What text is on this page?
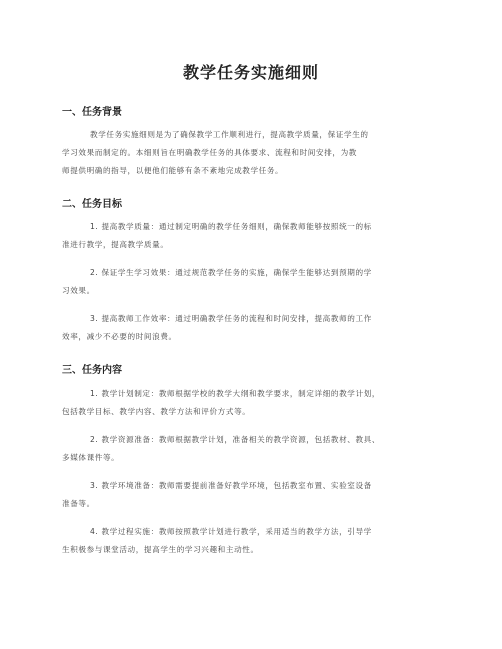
教学任务实施细则
一、任务背景
教学任务实施细则是为了确保教学工作顺利进行，提高教学质量，保证学生的
学习效果而制定的。本细则旨在明确教学任务的具体要求、流程和时间安排，为教
师提供明确的指导，以便他们能够有条不紊地完成教学任务。
二、任务目标
1. 提高教学质量：通过制定明确的教学任务细则，确保教师能够按照统一的标
准进行教学，提高教学质量。
2. 保证学生学习效果：通过规范教学任务的实施，确保学生能够达到预期的学
习效果。
3. 提高教师工作效率：通过明确教学任务的流程和时间安排，提高教师的工作
效率，减少不必要的时间浪费。
三、任务内容
1. 教学计划制定：教师根据学校的教学大纲和教学要求，制定详细的教学计划，
包括教学目标、教学内容、教学方法和评价方式等。
2. 教学资源准备：教师根据教学计划，准备相关的教学资源，包括教材、教具、
多媒体课件等。
3. 教学环境准备：教师需要提前准备好教学环境，包括教室布置、实验室设备
准备等。
4. 教学过程实施：教师按照教学计划进行教学，采用适当的教学方法，引导学
生积极参与课堂活动，提高学生的学习兴趣和主动性。
